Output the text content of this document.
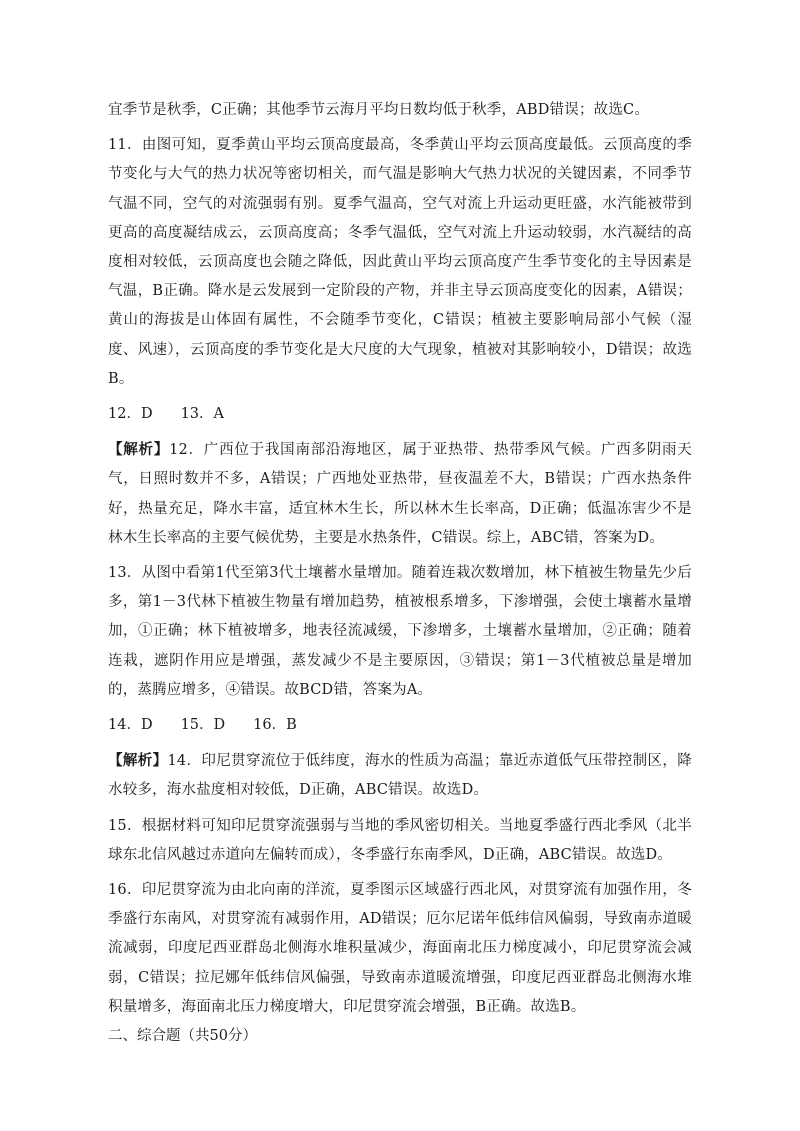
宜季节是秋季，C正确；其他季节云海月平均日数均低于秋季，ABD错误；故选C。

11．由图可知，夏季黄山平均云顶高度最高，冬季黄山平均云顶高度最低。云顶高度的季节变化与大气的热力状况等密切相关，而气温是影响大气热力状况的关键因素，不同季节气温不同，空气的对流强弱有别。夏季气温高，空气对流上升运动更旺盛，水汽能被带到更高的高度凝结成云，云顶高度高；冬季气温低，空气对流上升运动较弱，水汽凝结的高度相对较低，云顶高度也会随之降低，因此黄山平均云顶高度产生季节变化的主导因素是气温，B正确。降水是云发展到一定阶段的产物，并非主导云顶高度变化的因素，A错误；黄山的海拔是山体固有属性，不会随季节变化，C错误；植被主要影响局部小气候（湿度、风速），云顶高度的季节变化是大尺度的大气现象，植被对其影响较小，D错误；故选B。

12．D 13．A

【解析】12．广西位于我国南部沿海地区，属于亚热带、热带季风气候。广西多阴雨天气，日照时数并不多，A错误；广西地处亚热带，昼夜温差不大，B错误；广西水热条件好，热量充足，降水丰富，适宜林木生长，所以林木生长率高，D正确；低温冻害少不是林木生长率高的主要气候优势，主要是水热条件，C错误。综上，ABC错，答案为D。

13．从图中看第1代至第3代土壤蓄水量增加。随着连栽次数增加，林下植被生物量先少后多，第1－3代林下植被生物量有增加趋势，植被根系增多，下渗增强，会使土壤蓄水量增加，①正确；林下植被增多，地表径流减缓，下渗增多，土壤蓄水量增加，②正确；随着连栽，遮阴作用应是增强，蒸发减少不是主要原因，③错误；第1－3代植被总量是增加的，蒸腾应增多，④错误。故BCD错，答案为A。

14．D 15．D 16．B

【解析】14．印尼贯穿流位于低纬度，海水的性质为高温；靠近赤道低气压带控制区，降水较多，海水盐度相对较低，D正确，ABC错误。故选D。

15．根据材料可知印尼贯穿流强弱与当地的季风密切相关。当地夏季盛行西北季风（北半球东北信风越过赤道向左偏转而成），冬季盛行东南季风，D正确，ABC错误。故选D。

16．印尼贯穿流为由北向南的洋流，夏季图示区域盛行西北风，对贯穿流有加强作用，冬季盛行东南风，对贯穿流有减弱作用，AD错误；厄尔尼诺年低纬信风偏弱，导致南赤道暖流减弱，印度尼西亚群岛北侧海水堆积量减少，海面南北压力梯度减小，印尼贯穿流会减弱，C错误；拉尼娜年低纬信风偏强，导致南赤道暖流增强，印度尼西亚群岛北侧海水堆积量增多，海面南北压力梯度增大，印尼贯穿流会增强，B正确。故选B。

二、综合题（共50分）
